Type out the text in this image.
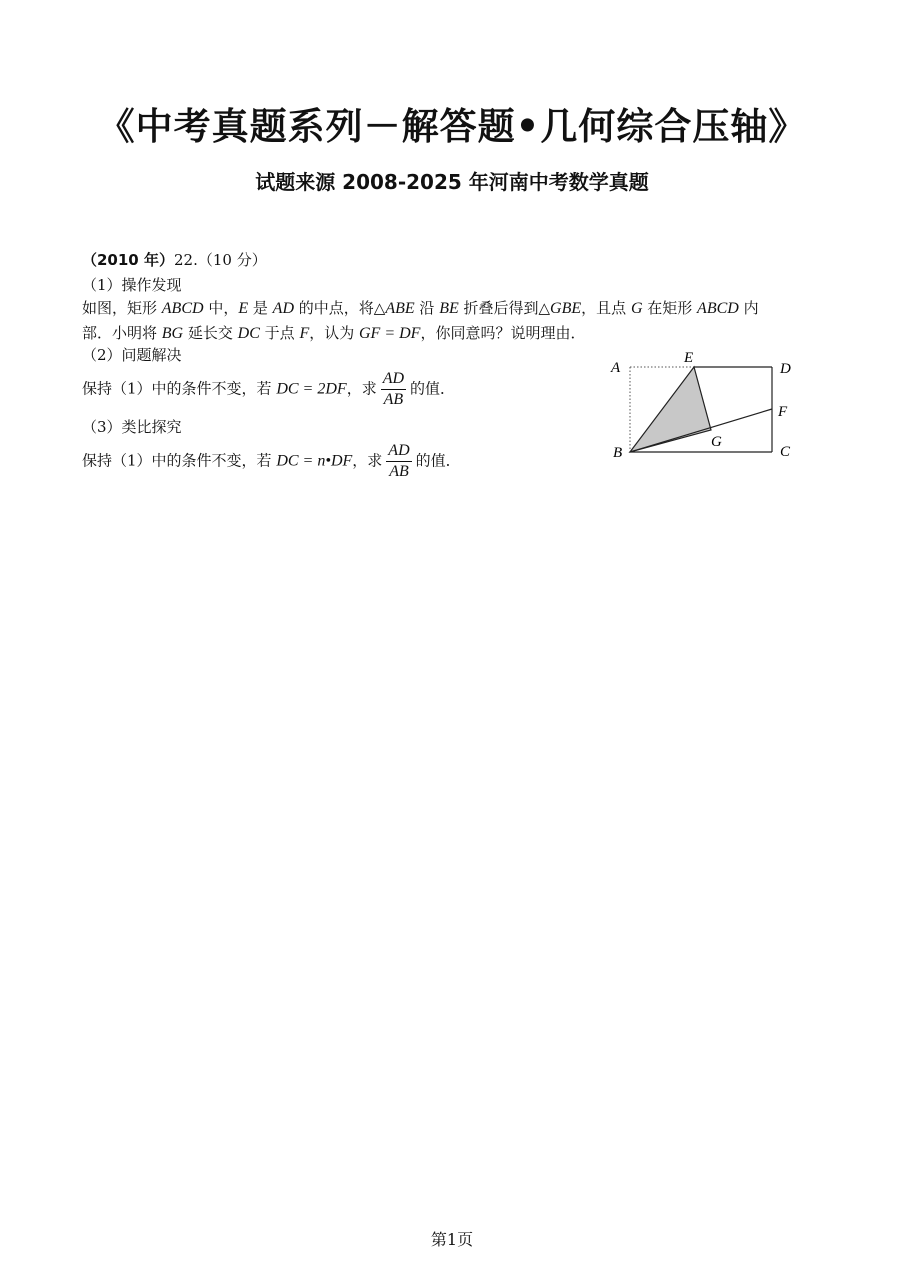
《中考真题系列－解答题•几何综合压轴》
试题来源 2008-2025 年河南中考数学真题
（2010 年）22.（10 分）
（1）操作发现
如图，矩形 ABCD 中，E 是 AD 的中点，将△ABE 沿 BE 折叠后得到△GBE，且点 G 在矩形 ABCD 内
部．小明将 BG 延长交 DC 于点 F，认为 GF = DF，你同意吗？说明理由．
（2）问题解决
保持（1）中的条件不变，若 DC = 2DF，求 $\frac{AD}{AB}$ 的值．
（3）类比探究
保持（1）中的条件不变，若 DC = n•DF，求 $\frac{AD}{AB}$ 的值．
A
B	C
D
E
F
G
第1页
